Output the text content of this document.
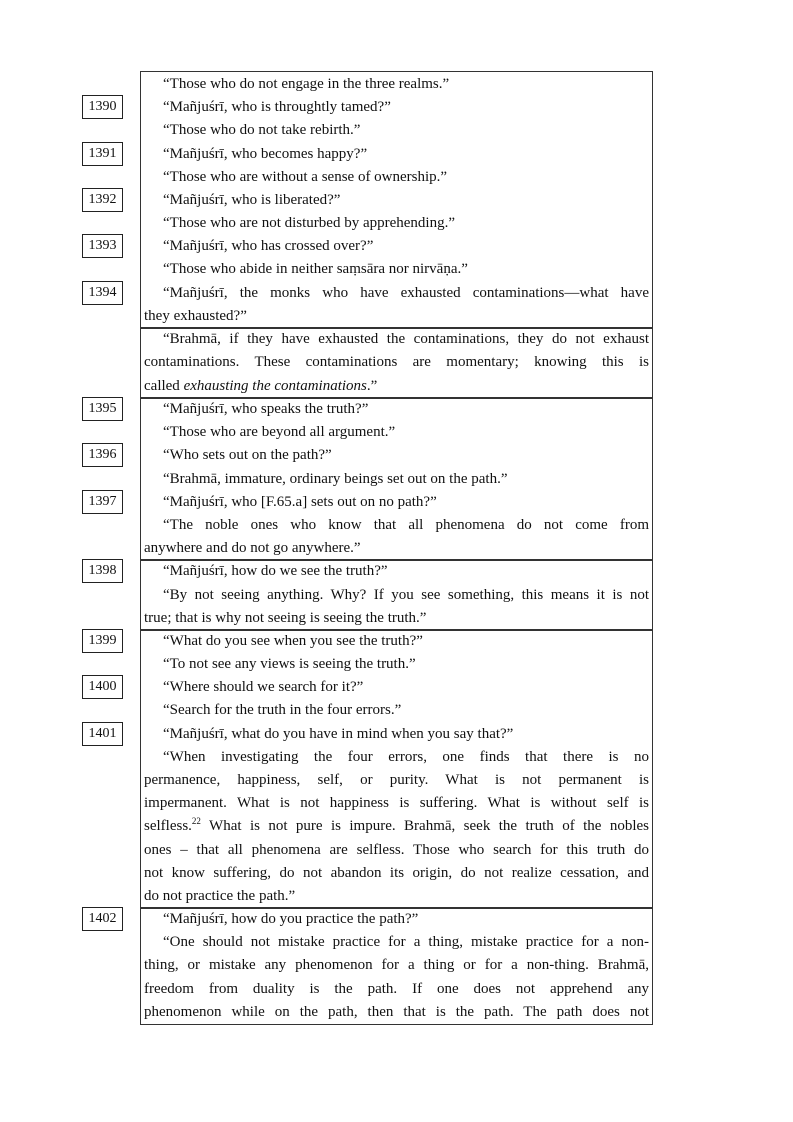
1390
1391
1392
1393
1394
1395
1396
1397
1398
1399
1400
1401
1402
“Those who do not engage in the three realms.”
“Mañjuśrī, who is throughtly tamed?”
“Those who do not take rebirth.”
“Mañjuśrī, who becomes happy?”
“Those who are without a sense of ownership.”
“Mañjuśrī, who is liberated?”
“Those who are not disturbed by apprehending.”
“Mañjuśrī, who has crossed over?”
“Those who abide in neither saṃsāra nor nirvāṇa.”
“Mañjuśrī, the monks who have exhausted contaminations—what have
they exhausted?”
“Brahmā, if they have exhausted the contaminations, they do not exhaust
contaminations. These contaminations are momentary; knowing this is
called exhausting the contaminations.”
“Mañjuśrī, who speaks the truth?”
“Those who are beyond all argument.”
“Who sets out on the path?”
“Brahmā, immature, ordinary beings set out on the path.”
“Mañjuśrī, who [F.65.a] sets out on no path?”
“The noble ones who know that all phenomena do not come from
anywhere and do not go anywhere.”
“Mañjuśrī, how do we see the truth?”
“By not seeing anything. Why? If you see something, this means it is not
true; that is why not seeing is seeing the truth.”
“What do you see when you see the truth?”
“To not see any views is seeing the truth.”
“Where should we search for it?”
“Search for the truth in the four errors.”
“Mañjuśrī, what do you have in mind when you say that?”
“When investigating the four errors, one finds that there is no
permanence, happiness, self, or purity. What is not permanent is
impermanent. What is not happiness is suffering. What is without self is
selfless.$^{22}$ What is not pure is impure. Brahmā, seek the truth of the nobles
ones – that all phenomena are selfless. Those who search for this truth do
not know suffering, do not abandon its origin, do not realize cessation, and
do not practice the path.”
“Mañjuśrī, how do you practice the path?”
“One should not mistake practice for a thing, mistake practice for a non-
thing, or mistake any phenomenon for a thing or for a non-thing. Brahmā,
freedom from duality is the path. If one does not apprehend any
phenomenon while on the path, then that is the path. The path does not
